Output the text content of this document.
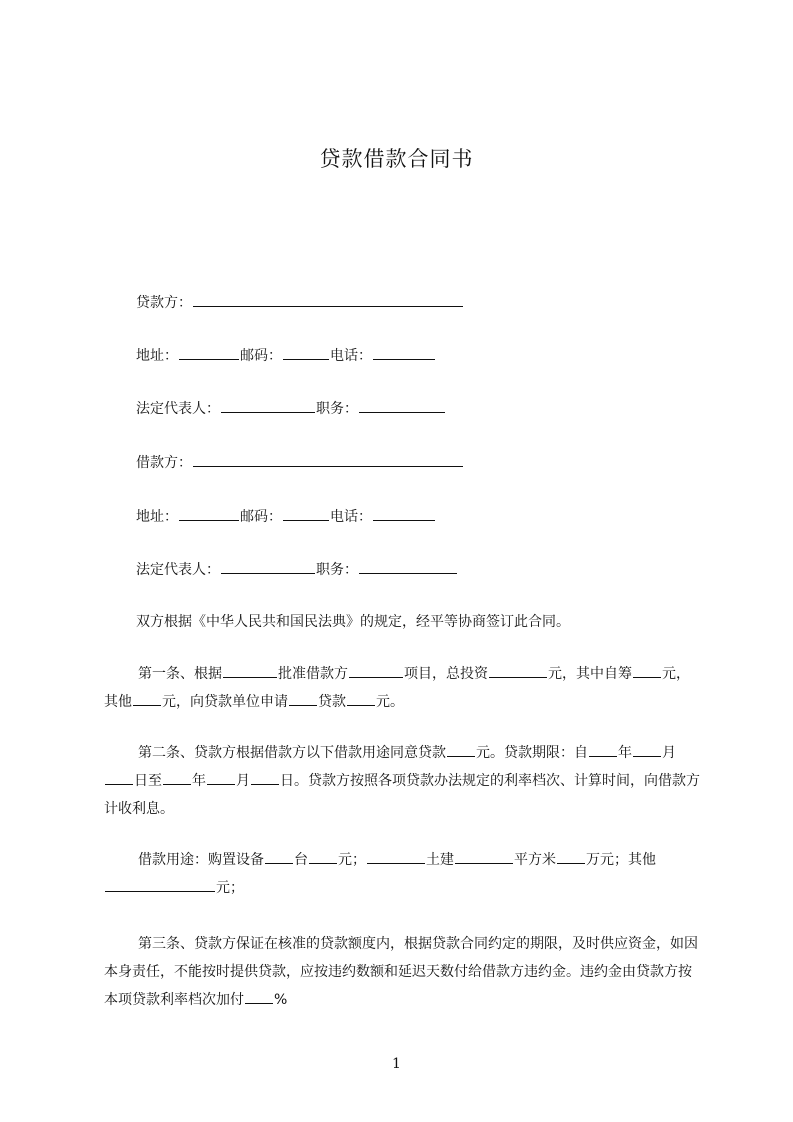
贷款借款合同书
贷款方：
地址：	邮码：	电话：
法定代表人：	职务：
借款方：
地址：	邮码：	电话：
法定代表人：	职务：
双方根据《中华人民共和国民法典》的规定，经平等协商签订此合同。
第一条、根据	批准借款方	项目，总投资	元，其中自筹 元，其他 元，向贷款单位申请 贷款 元。
第二条、贷款方根据借款方以下借款用途同意贷款 元。贷款期限：自 年 月日至 年 月 日。贷款方按照各项贷款办法规定的利率档次、计算时间，向借款方计收利息。
借款用途：购置设备 台 元；	土建	平方米 万元；其他元；
第三条、贷款方保证在核准的贷款额度内，根据贷款合同约定的期限，及时供应资金，如因本身责任，不能按时提供贷款，应按违约数额和延迟天数付给借款方违约金。违约金由贷款方按本项贷款利率档次加付 %
1
